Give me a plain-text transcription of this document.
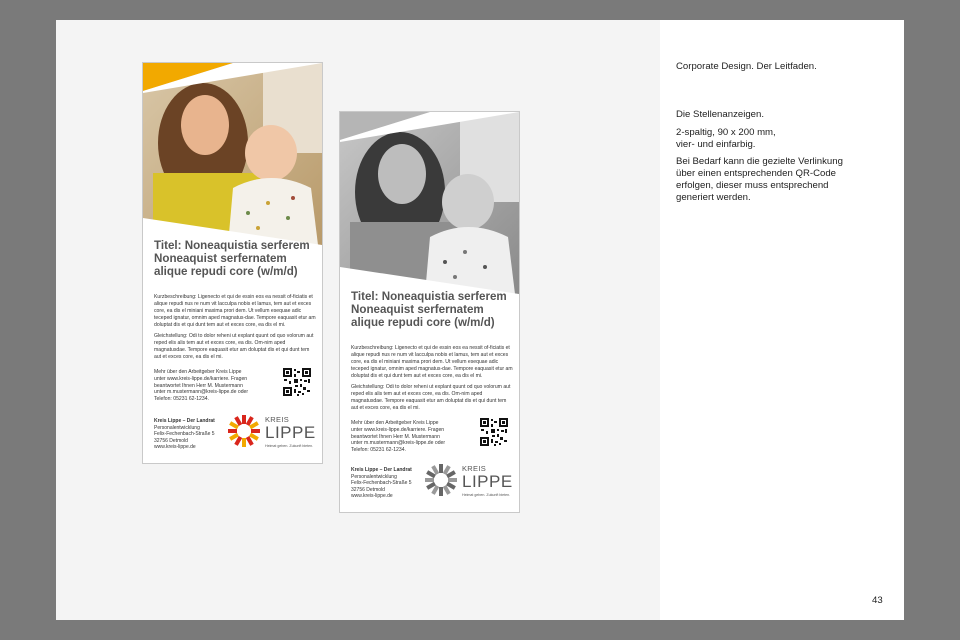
Titel: Noneaquistia serferem
Noneaquist serfernatem
alique repudi core (w/m/d)

Kurzbeschreibung: Ligenecto et qui de essin eos ea nessit of-ficiatis et alique repudi nus re num vit lacculpa nobis et lamus, tem aut et exces core, ea dis el miniani maxima prori dem. Ut vellum esequae adic teceped ignatur, omnim aped magnatus-dae. Tempore eaquasit etur am doluptat dis et qui dunt tem aut et exces core, ea dis el mi.

Gleichstellung: Odi to dolor reheni ut explant quunt od quo volorum aut reped elis alis tem aut et exces core, ea dis. Om-nim aped magnatusdae. Tempore eaquasit etur am doluptat dis et qui dunt tem aut et exces core, ea dis el mi.

Mehr über den Arbeitgeber Kreis Lippe
unter www.kreis-lippe.de/karriere. Fragen
beantwortet Ihnen Herr M. Mustermann
unter m.mustermann@kreis-lippe.de oder
Telefon: 05231 62-1234.
Kreis Lippe – Der Landrat
Personalentwicklung
Felix-Fechenbach-Straße 5
32756 Detmold
www.kreis-lippe.de
KREIS
LIPPE
Heimat geben. Zukunft bieten.
Titel: Noneaquistia serferem
Noneaquist serfernatem
alique repudi core (w/m/d)

Kurzbeschreibung: Ligenecto et qui de essin eos ea nessit of-ficiatis et alique repudi nus re num vit lacculpa nobis et lamus, tem aut et exces core, ea dis el miniani maxima prori dem. Ut vellum esequae adic teceped ignatur, omnim aped magnatus-dae. Tempore eaquasit etur am doluptat dis et qui dunt tem aut et exces core, ea dis el mi.

Gleichstellung: Odi to dolor reheni ut explant quunt od quo volorum aut reped elis alis tem aut et exces core, ea dis. Om-nim aped magnatusdae. Tempore eaquasit etur am doluptat dis et qui dunt tem aut et exces core, ea dis el mi.

Mehr über den Arbeitgeber Kreis Lippe
unter www.kreis-lippe.de/karriere. Fragen
beantwortet Ihnen Herr M. Mustermann
unter m.mustermann@kreis-lippe.de oder
Telefon: 05231 62-1234.
Kreis Lippe – Der Landrat
Personalentwicklung
Felix-Fechenbach-Straße 5
32756 Detmold
www.kreis-lippe.de
KREIS
LIPPE
Heimat geben. Zukunft bieten.
Corporate Design. Der Leitfaden.
Die Stellenanzeigen.
2-spaltig, 90 x 200 mm,
vier- und einfarbig.
Bei Bedarf kann die gezielte Verlinkung über einen entsprechenden QR-Code erfolgen, dieser muss entsprechend generiert werden.
43
